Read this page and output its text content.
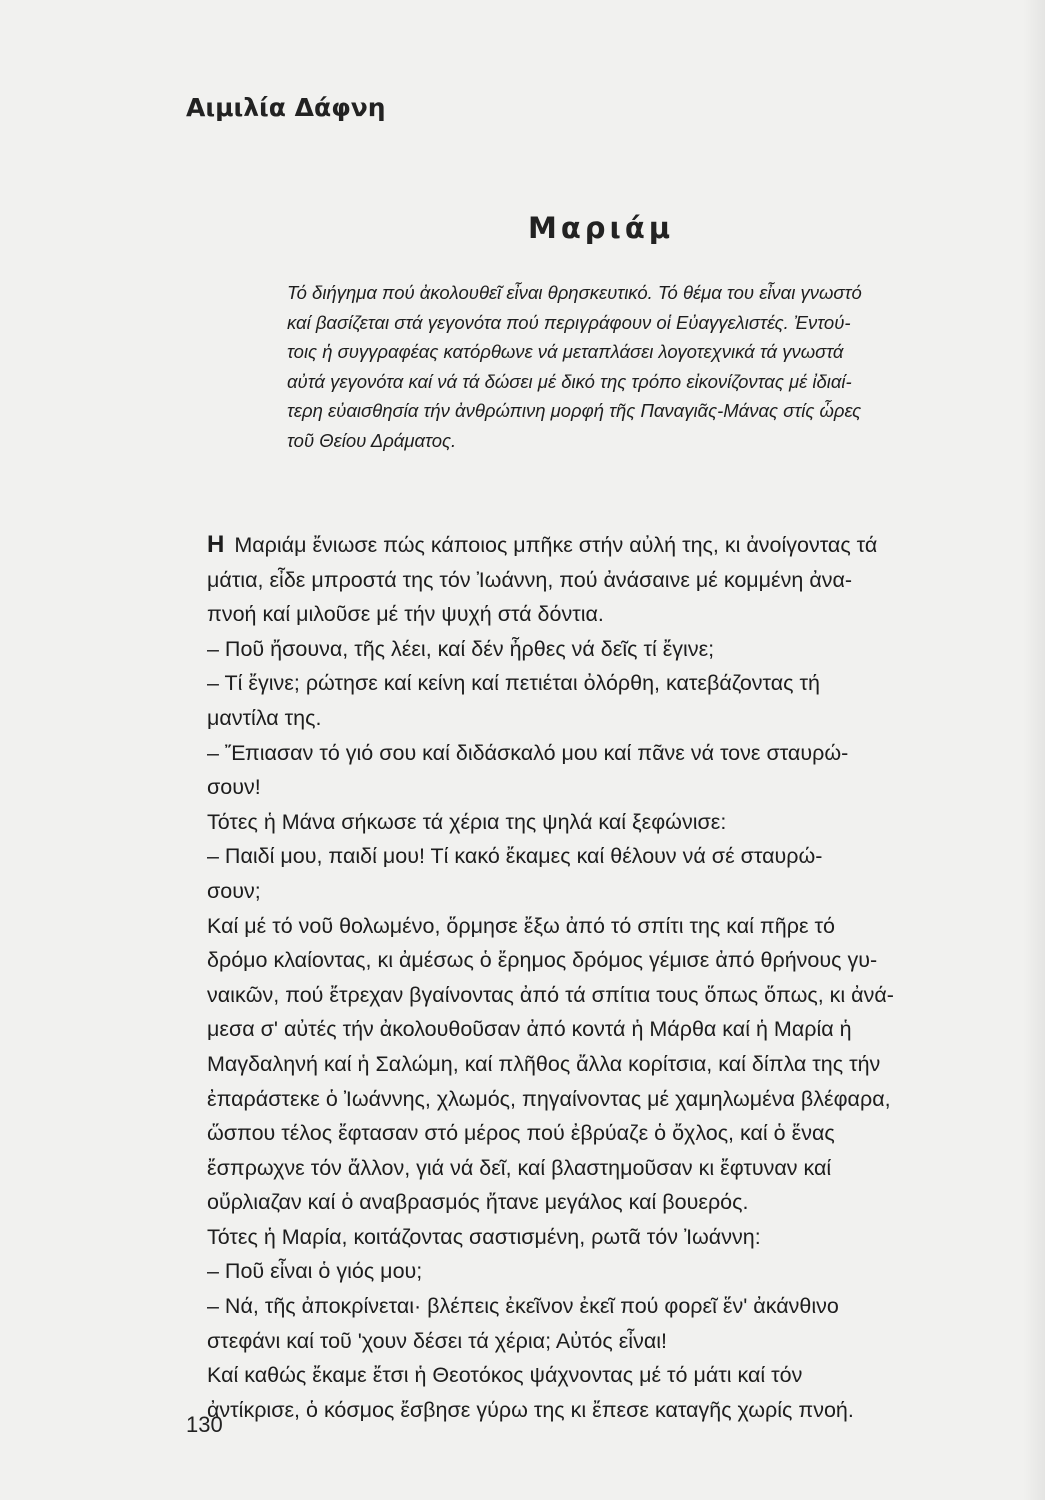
Αιμιλία Δάφνη
Μαριάμ
Τό διήγημα πού ἀκολουθεῖ εἶναι θρησκευτικό. Τό θέμα του εἶναι γνωστό
καί βασίζεται στά γεγονότα πού περιγράφουν οἱ Εὐαγγελιστές. Ἐντού-
τοις ἡ συγγραφέας κατόρθωνε νά μεταπλάσει λογοτεχνικά τά γνωστά
αὐτά γεγονότα καί νά τά δώσει μέ δικό της τρόπο εἰκονίζοντας μέ ἰδιαί-
τερη εὐαισθησία τήν ἀνθρώπινη μορφή τῆς Παναγιᾶς-Μάνας στίς ὧρες
τοῦ Θείου Δράματος.
Η Μαριάμ ἔνιωσε πώς κάποιος μπῆκε στήν αὐλή της, κι ἀνοίγοντας τά
μάτια, εἶδε μπροστά της τόν Ἰωάννη, πού ἀνάσαινε μέ κομμένη ἀνα-
πνοή καί μιλοῦσε μέ τήν ψυχή στά δόντια.
– Ποῦ ἤσουνα, τῆς λέει, καί δέν ἦρθες νά δεῖς τί ἔγινε;
– Τί ἔγινε; ρώτησε καί κείνη καί πετιέται ὀλόρθη, κατεβάζοντας τή
μαντίλα της.
– Ἔπιασαν τό γιό σου καί διδάσκαλό μου καί πᾶνε νά τονε σταυρώ-
σουν!
Τότες ἡ Μάνα σήκωσε τά χέρια της ψηλά καί ξεφώνισε:
– Παιδί μου, παιδί μου! Τί κακό ἔκαμες καί θέλουν νά σέ σταυρώ-
σουν;
Καί μέ τό νοῦ θολωμένο, ὅρμησε ἔξω ἀπό τό σπίτι της καί πῆρε τό
δρόμο κλαίοντας, κι ἀμέσως ὁ ἔρημος δρόμος γέμισε ἀπό θρήνους γυ-
ναικῶν, πού ἔτρεχαν βγαίνοντας ἀπό τά σπίτια τους ὅπως ὅπως, κι ἀνά-
μεσα σ' αὐτές τήν ἀκολουθοῦσαν ἀπό κοντά ἡ Μάρθα καί ἡ Μαρία ἡ
Μαγδαληνή καί ἡ Σαλώμη, καί πλῆθος ἄλλα κορίτσια, καί δίπλα της τήν
ἐπαράστεκε ὁ Ἰωάννης, χλωμός, πηγαίνοντας μέ χαμηλωμένα βλέφαρα,
ὥσπου τέλος ἔφτασαν στό μέρος πού ἐβρύαζε ὁ ὄχλος, καί ὁ ἕνας
ἔσπρωχνε τόν ἄλλον, γιά νά δεῖ, καί βλαστημοῦσαν κι ἔφτυναν καί
οὔρλιαζαν καί ὁ αναβρασμός ἤτανε μεγάλος καί βουερός.
Τότες ἡ Μαρία, κοιτάζοντας σαστισμένη, ρωτᾶ τόν Ἰωάννη:
– Ποῦ εἶναι ὁ γιός μου;
– Νά, τῆς ἀποκρίνεται· βλέπεις ἐκεῖνον ἐκεῖ πού φορεῖ ἕν' ἀκάνθινο
στεφάνι καί τοῦ 'χουν δέσει τά χέρια; Αὐτός εἶναι!
Καί καθώς ἔκαμε ἔτσι ἡ Θεοτόκος ψάχνοντας μέ τό μάτι καί τόν
ἀντίκρισε, ὁ κόσμος ἔσβησε γύρω της κι ἔπεσε καταγῆς χωρίς πνοή.
130
